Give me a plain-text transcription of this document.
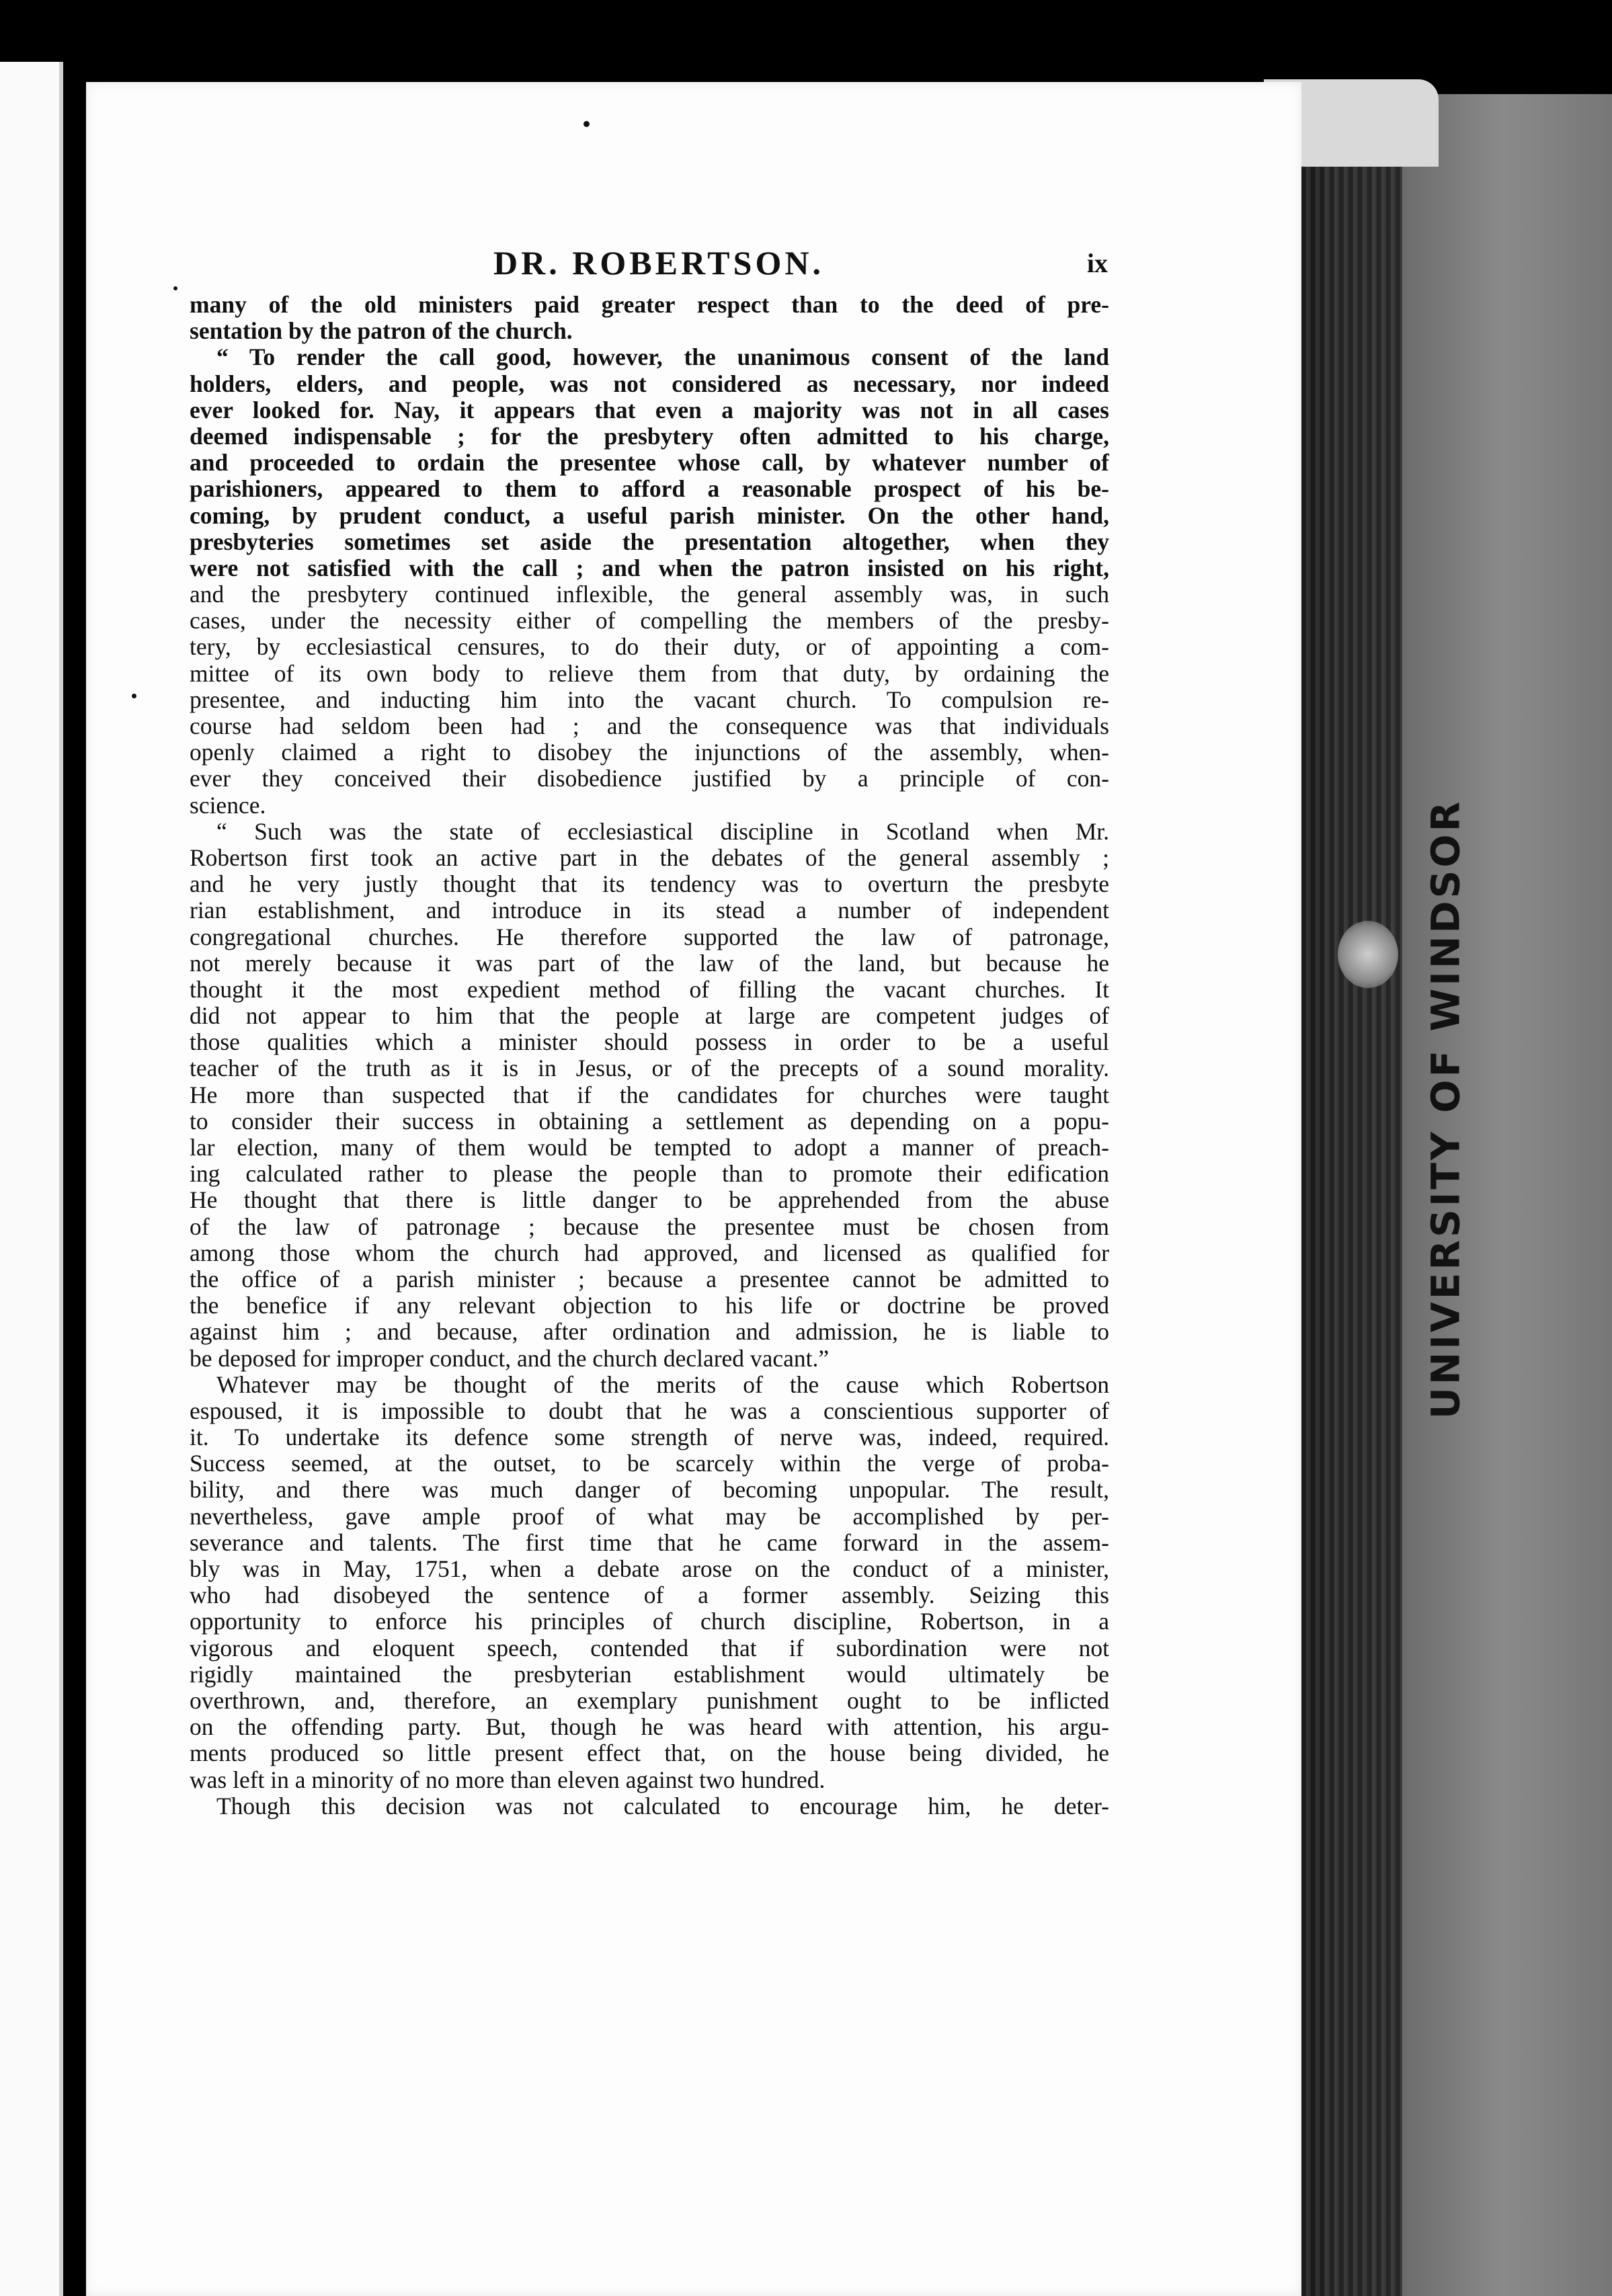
UNIVERSITY OF WINDSOR
DR. ROBERTSON.	ix
many of the old ministers paid greater respect than to the deed of pre-
sentation by the patron of the church.
“ To render the call good, however, the unanimous consent of the land
holders, elders, and people, was not considered as necessary, nor indeed
ever looked for. Nay, it appears that even a majority was not in all cases
deemed indispensable ; for the presbytery often admitted to his charge,
and proceeded to ordain the presentee whose call, by whatever number of
parishioners, appeared to them to afford a reasonable prospect of his be-
coming, by prudent conduct, a useful parish minister. On the other hand,
presbyteries sometimes set aside the presentation altogether, when they
were not satisfied with the call ; and when the patron insisted on his right,
and the presbytery continued inflexible, the general assembly was, in such
cases, under the necessity either of compelling the members of the presby-
tery, by ecclesiastical censures, to do their duty, or of appointing a com-
mittee of its own body to relieve them from that duty, by ordaining the
presentee, and inducting him into the vacant church. To compulsion re-
course had seldom been had ; and the consequence was that individuals
openly claimed a right to disobey the injunctions of the assembly, when-
ever they conceived their disobedience justified by a principle of con-
science.
“ Such was the state of ecclesiastical discipline in Scotland when Mr.
Robertson first took an active part in the debates of the general assembly ;
and he very justly thought that its tendency was to overturn the presbyte
rian establishment, and introduce in its stead a number of independent
congregational churches. He therefore supported the law of patronage,
not merely because it was part of the law of the land, but because he
thought it the most expedient method of filling the vacant churches. It
did not appear to him that the people at large are competent judges of
those qualities which a minister should possess in order to be a useful
teacher of the truth as it is in Jesus, or of the precepts of a sound morality.
He more than suspected that if the candidates for churches were taught
to consider their success in obtaining a settlement as depending on a popu-
lar election, many of them would be tempted to adopt a manner of preach-
ing calculated rather to please the people than to promote their edification
He thought that there is little danger to be apprehended from the abuse
of the law of patronage ; because the presentee must be chosen from
among those whom the church had approved, and licensed as qualified for
the office of a parish minister ; because a presentee cannot be admitted to
the benefice if any relevant objection to his life or doctrine be proved
against him ; and because, after ordination and admission, he is liable to
be deposed for improper conduct, and the church declared vacant.”
Whatever may be thought of the merits of the cause which Robertson
espoused, it is impossible to doubt that he was a conscientious supporter of
it. To undertake its defence some strength of nerve was, indeed, required.
Success seemed, at the outset, to be scarcely within the verge of proba-
bility, and there was much danger of becoming unpopular. The result,
nevertheless, gave ample proof of what may be accomplished by per-
severance and talents. The first time that he came forward in the assem-
bly was in May, 1751, when a debate arose on the conduct of a minister,
who had disobeyed the sentence of a former assembly. Seizing this
opportunity to enforce his principles of church discipline, Robertson, in a
vigorous and eloquent speech, contended that if subordination were not
rigidly maintained the presbyterian establishment would ultimately be
overthrown, and, therefore, an exemplary punishment ought to be inflicted
on the offending party. But, though he was heard with attention, his argu-
ments produced so little present effect that, on the house being divided, he
was left in a minority of no more than eleven against two hundred.
Though this decision was not calculated to encourage him, he deter-
